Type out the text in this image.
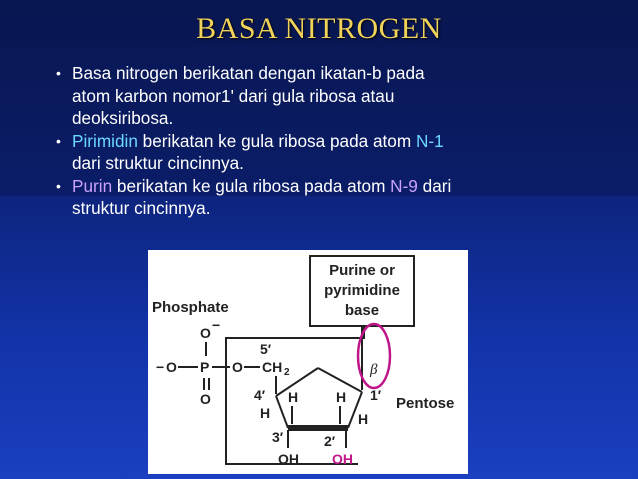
BASA NITROGEN
• Basa nitrogen berikatan dengan ikatan-b pada
atom karbon nomor1' dari gula ribosa atau
deoksiribosa.
• Pirimidin berikatan ke gula ribosa pada atom N-1
dari struktur cincinnya.
• Purin berikatan ke gula ribosa pada atom N-9 dari
struktur cincinnya.
Purine or
pyrimidine
base
Phosphate
O −
− O P O
O
CH 2
5′
4′	1′
3′	2′
H
H	H
H
OH OH
β
Pentose
